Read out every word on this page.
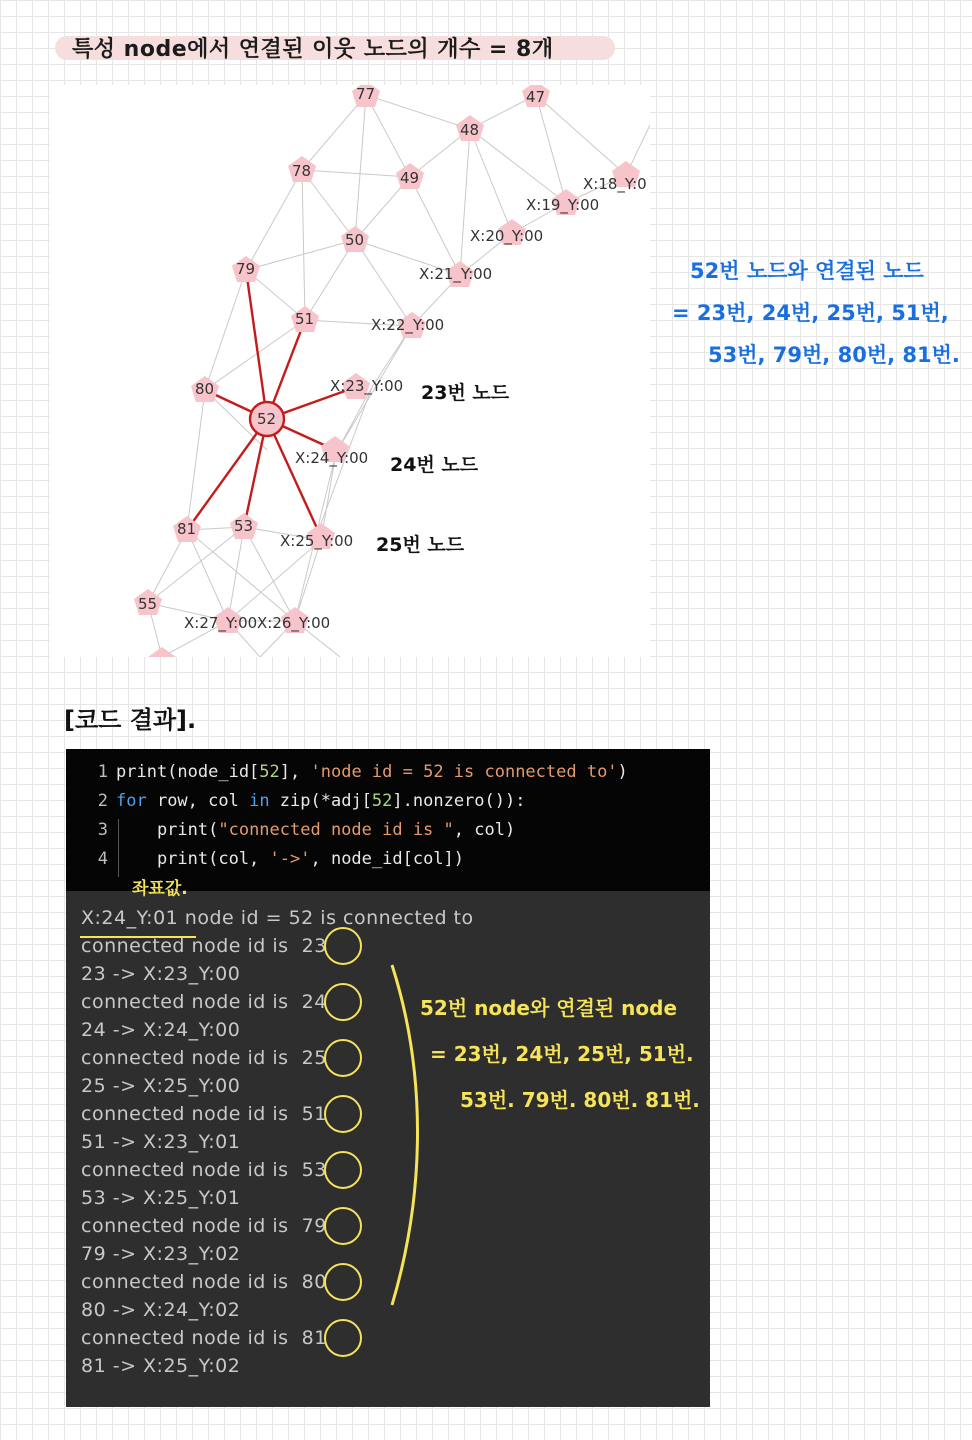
특성 node에서 연결된 이웃 노드의 개수 = 8개
77	47
48
78	49
50
79
51
80
52
81	53
55
X:18_Y:0
X:19_Y:00
X:20_Y:00
X:21_Y:00
X:22_Y:00
X:23_Y:00
X:24_Y:00
X:25_Y:00
X:27_Y:00 X:26_Y:00
23번 노드
24번 노드
25번 노드
52번 노드와 연결된 노드
= 23번, 24번, 25번, 51번,
53번, 79번, 80번, 81번.
[코드 결과].
1 print(node_id[52], 'node id = 52 is connected to')
2 for row, col in zip(*adj[52].nonzero()):
3    print("connected node id is ", col)
4    print(col, '->', node_id[col])
X:24_Y:01 node id = 52 is connected to
connected node id is  23
23 -> X:23_Y:00
connected node id is  24
24 -> X:24_Y:00
connected node id is  25
25 -> X:25_Y:00
connected node id is  51
51 -> X:23_Y:01
connected node id is  53
53 -> X:25_Y:01
connected node id is  79
79 -> X:23_Y:02
connected node id is  80
80 -> X:24_Y:02
connected node id is  81
81 -> X:25_Y:02
좌표값.
52번 node와 연결된 node
= 23번, 24번, 25번, 51번.
53번. 79번. 80번. 81번.
